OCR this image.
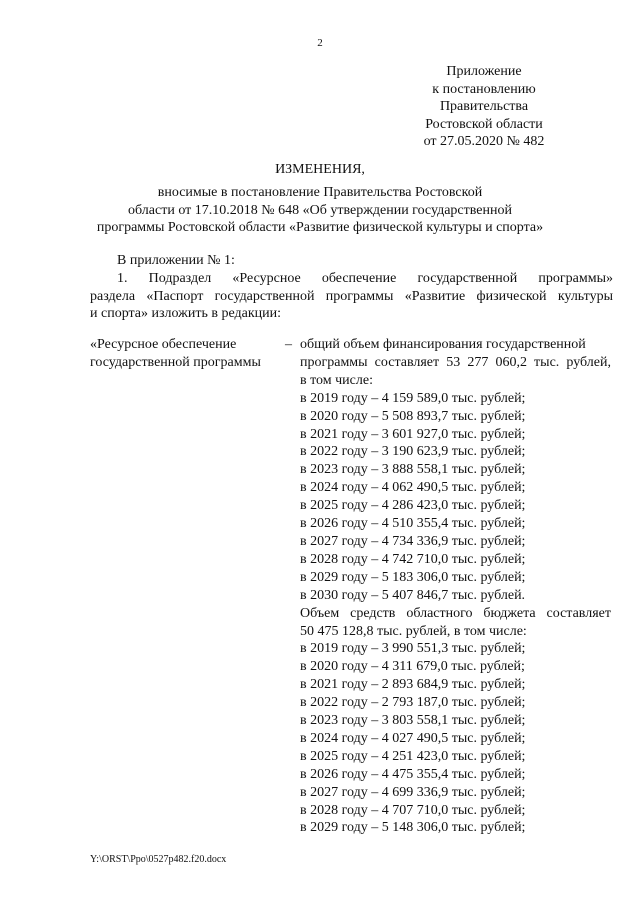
2
Приложение
к постановлению
Правительства
Ростовской области
от 27.05.2020 № 482
ИЗМЕНЕНИЯ,
вносимые в постановление Правительства Ростовской
области от 17.10.2018 № 648 «Об утверждении государственной
программы Ростовской области «Развитие физической культуры и спорта»

В приложении № 1:

1. Подраздел «Ресурсное обеспечение государственной программы»

раздела «Паспорт государственной программы «Развитие физической культуры
и спорта» изложить в редакции:
«Ресурсное обеспечение
государственной программы
– общий объем финансирования государственной
программы составляет 53 277 060,2 тыс. рублей,
в том числе:
в 2019 году – 4 159 589,0 тыс. рублей;
в 2020 году – 5 508 893,7 тыс. рублей;
в 2021 году – 3 601 927,0 тыс. рублей;
в 2022 году – 3 190 623,9 тыс. рублей;
в 2023 году – 3 888 558,1 тыс. рублей;
в 2024 году – 4 062 490,5 тыс. рублей;
в 2025 году – 4 286 423,0 тыс. рублей;
в 2026 году – 4 510 355,4 тыс. рублей;
в 2027 году – 4 734 336,9 тыс. рублей;
в 2028 году – 4 742 710,0 тыс. рублей;
в 2029 году – 5 183 306,0 тыс. рублей;
в 2030 году – 5 407 846,7 тыс. рублей.
Объем средств областного бюджета составляет
50 475 128,8 тыс. рублей, в том числе:
в 2019 году – 3 990 551,3 тыс. рублей;
в 2020 году – 4 311 679,0 тыс. рублей;
в 2021 году – 2 893 684,9 тыс. рублей;
в 2022 году – 2 793 187,0 тыс. рублей;
в 2023 году – 3 803 558,1 тыс. рублей;
в 2024 году – 4 027 490,5 тыс. рублей;
в 2025 году – 4 251 423,0 тыс. рублей;
в 2026 году – 4 475 355,4 тыс. рублей;
в 2027 году – 4 699 336,9 тыс. рублей;
в 2028 году – 4 707 710,0 тыс. рублей;
в 2029 году – 5 148 306,0 тыс. рублей;
Y:\ORST\Ppo\0527p482.f20.docx
